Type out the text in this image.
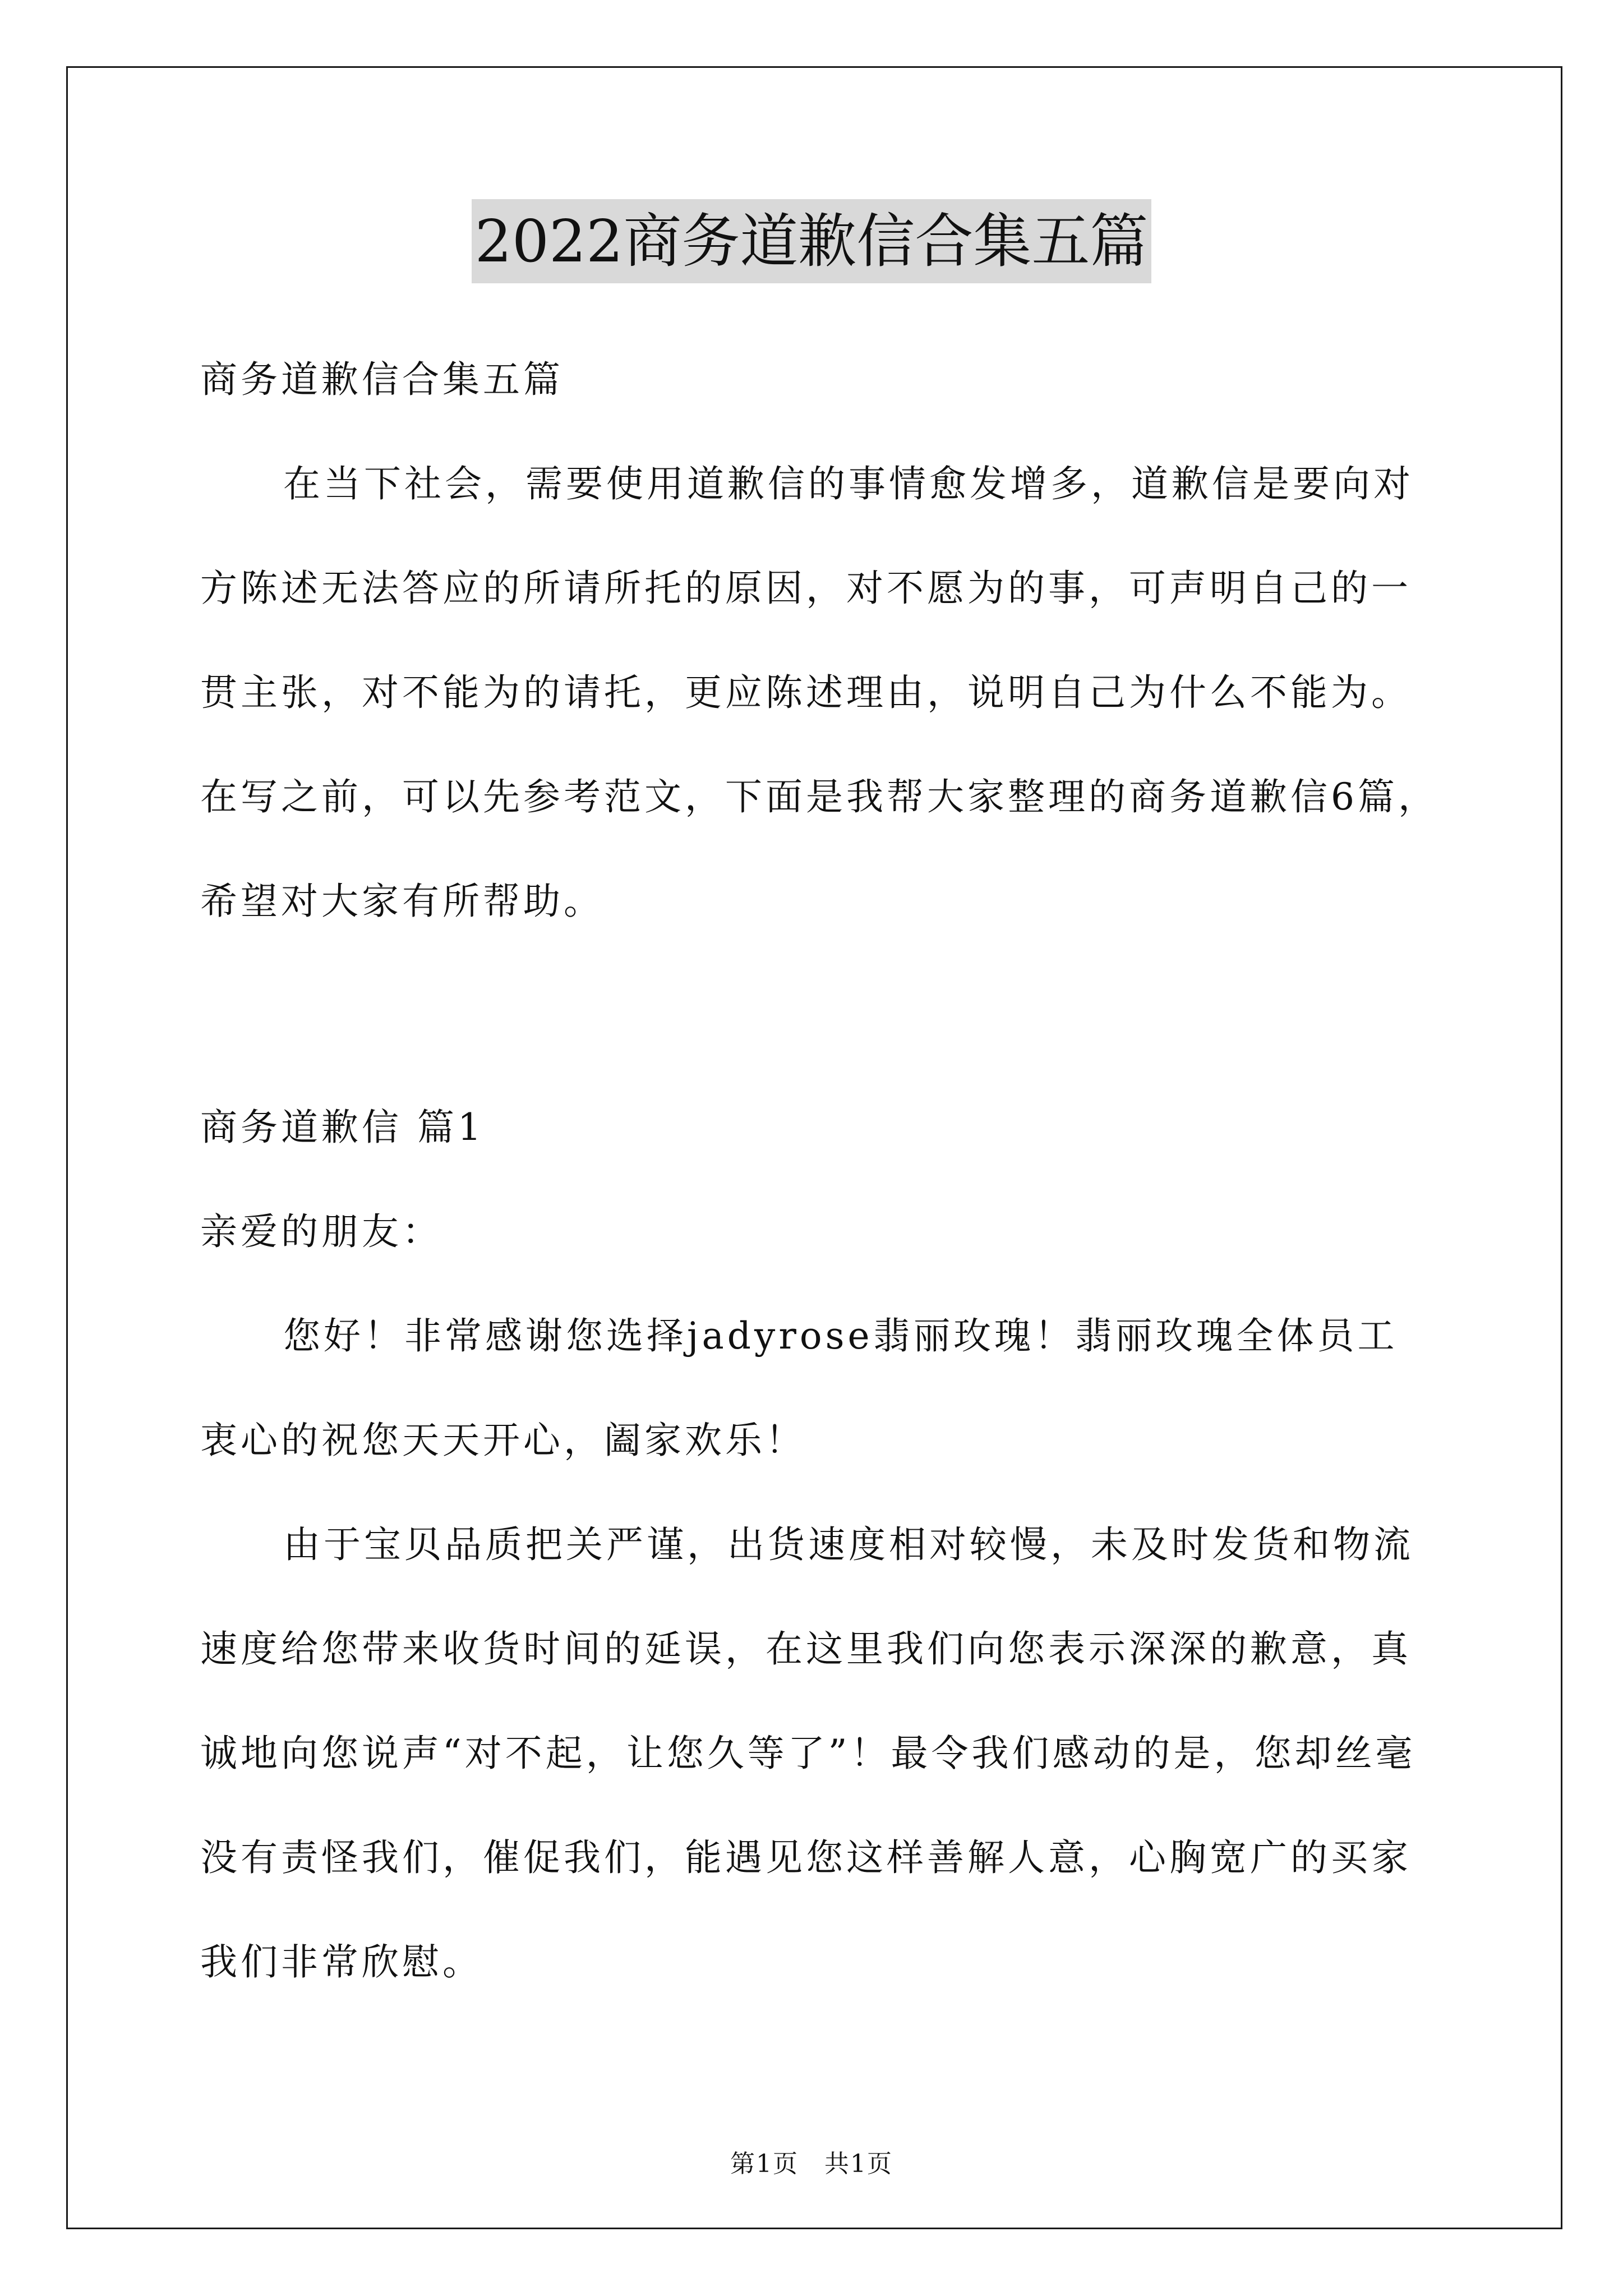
2022商务道歉信合集五篇
商务道歉信合集五篇
在当下社会，需要使用道歉信的事情愈发增多，道歉信是要向对
方陈述无法答应的所请所托的原因，对不愿为的事，可声明自己的一
贯主张，对不能为的请托，更应陈述理由，说明自己为什么不能为。
在写之前，可以先参考范文，下面是我帮大家整理的商务道歉信6篇，
希望对大家有所帮助。
商务道歉信 篇1
亲爱的朋友：
您好！非常感谢您选择jadyrose翡丽玫瑰！翡丽玫瑰全体员工
衷心的祝您天天开心，阖家欢乐！
由于宝贝品质把关严谨，出货速度相对较慢，未及时发货和物流
速度给您带来收货时间的延误，在这里我们向您表示深深的歉意，真
诚地向您说声“对不起，让您久等了”！最令我们感动的是，您却丝毫
没有责怪我们，催促我们，能遇见您这样善解人意，心胸宽广的买家
我们非常欣慰。
第1页　共1页
